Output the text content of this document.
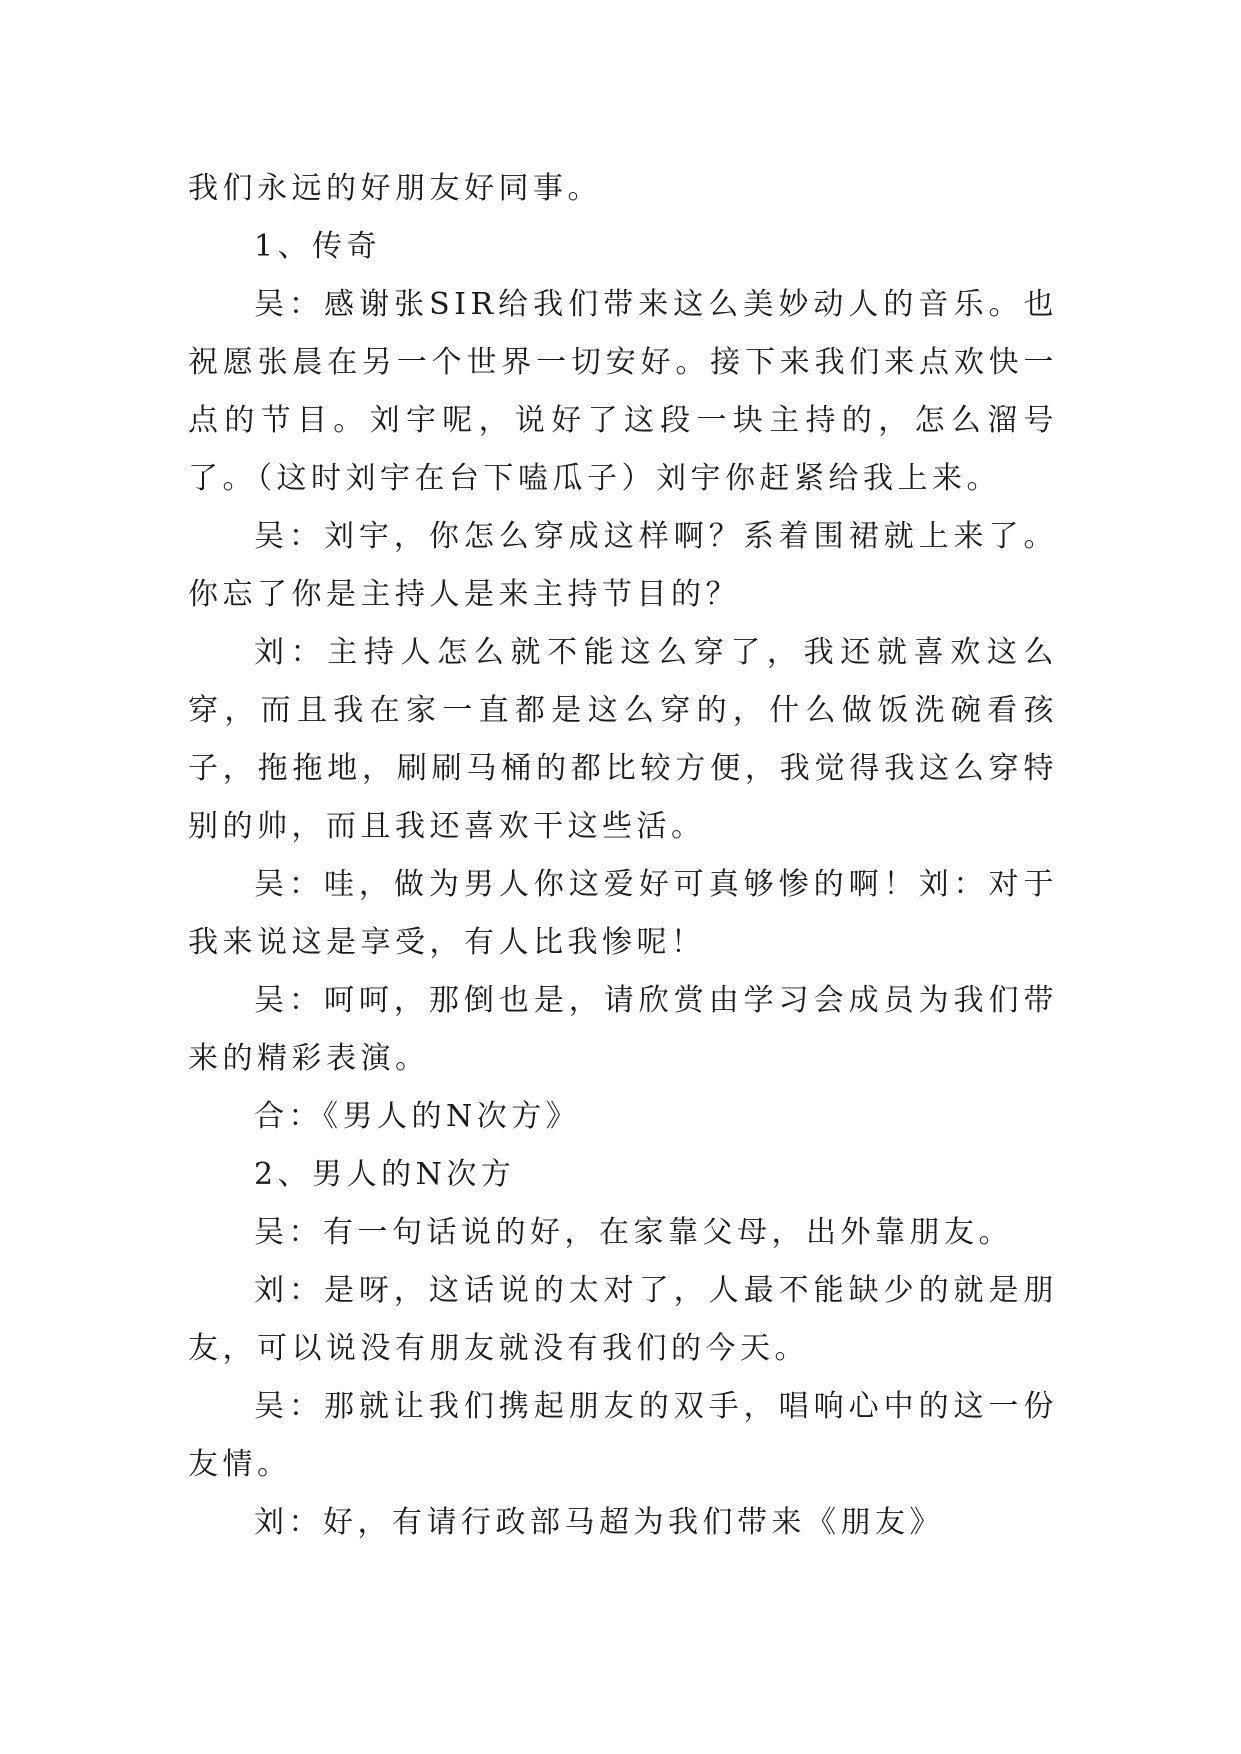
我们永远的好朋友好同事。

1、传奇

吴：感谢张SIR给我们带来这么美妙动人的音乐。也祝愿张晨在另一个世界一切安好。接下来我们来点欢快一点的节目。刘宇呢，说好了这段一块主持的，怎么溜号了。（这时刘宇在台下嗑瓜子）刘宇你赶紧给我上来。

吴：刘宇，你怎么穿成这样啊？系着围裙就上来了。你忘了你是主持人是来主持节目的？

刘：主持人怎么就不能这么穿了，我还就喜欢这么穿，而且我在家一直都是这么穿的，什么做饭洗碗看孩子，拖拖地，刷刷马桶的都比较方便，我觉得我这么穿特别的帅，而且我还喜欢干这些活。

吴：哇，做为男人你这爱好可真够惨的啊！刘：对于我来说这是享受，有人比我惨呢！

吴：呵呵，那倒也是，请欣赏由学习会成员为我们带来的精彩表演。

合：《男人的N次方》

2、男人的N次方

吴：有一句话说的好，在家靠父母，出外靠朋友。

刘：是呀，这话说的太对了，人最不能缺少的就是朋友，可以说没有朋友就没有我们的今天。

吴：那就让我们携起朋友的双手，唱响心中的这一份友情。

刘：好，有请行政部马超为我们带来《朋友》
